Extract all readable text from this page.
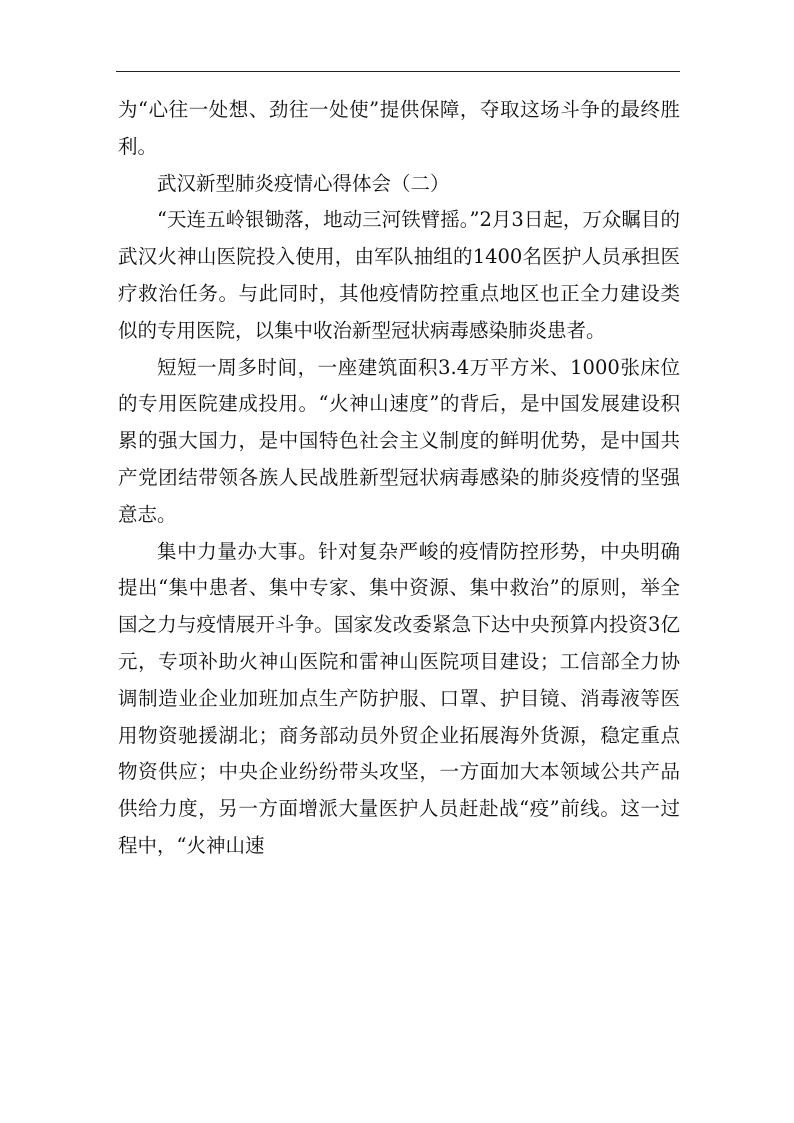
为“心往一处想、劲往一处使”提供保障，夺取这场斗争的最终胜利。

武汉新型肺炎疫情心得体会（二）

“天连五岭银锄落，地动三河铁臂摇。”2月3日起，万众瞩目的武汉火神山医院投入使用，由军队抽组的1400名医护人员承担医疗救治任务。与此同时，其他疫情防控重点地区也正全力建设类似的专用医院，以集中收治新型冠状病毒感染肺炎患者。

短短一周多时间，一座建筑面积3.4万平方米、1000张床位的专用医院建成投用。“火神山速度”的背后，是中国发展建设积累的强大国力，是中国特色社会主义制度的鲜明优势，是中国共产党团结带领各族人民战胜新型冠状病毒感染的肺炎疫情的坚强意志。

集中力量办大事。针对复杂严峻的疫情防控形势，中央明确提出“集中患者、集中专家、集中资源、集中救治”的原则，举全国之力与疫情展开斗争。国家发改委紧急下达中央预算内投资3亿元，专项补助火神山医院和雷神山医院项目建设；工信部全力协调制造业企业加班加点生产防护服、口罩、护目镜、消毒液等医用物资驰援湖北；商务部动员外贸企业拓展海外货源，稳定重点物资供应；中央企业纷纷带头攻坚，一方面加大本领域公共产品供给力度，另一方面增派大量医护人员赶赴战“疫”前线。这一过程中，“火神山速
